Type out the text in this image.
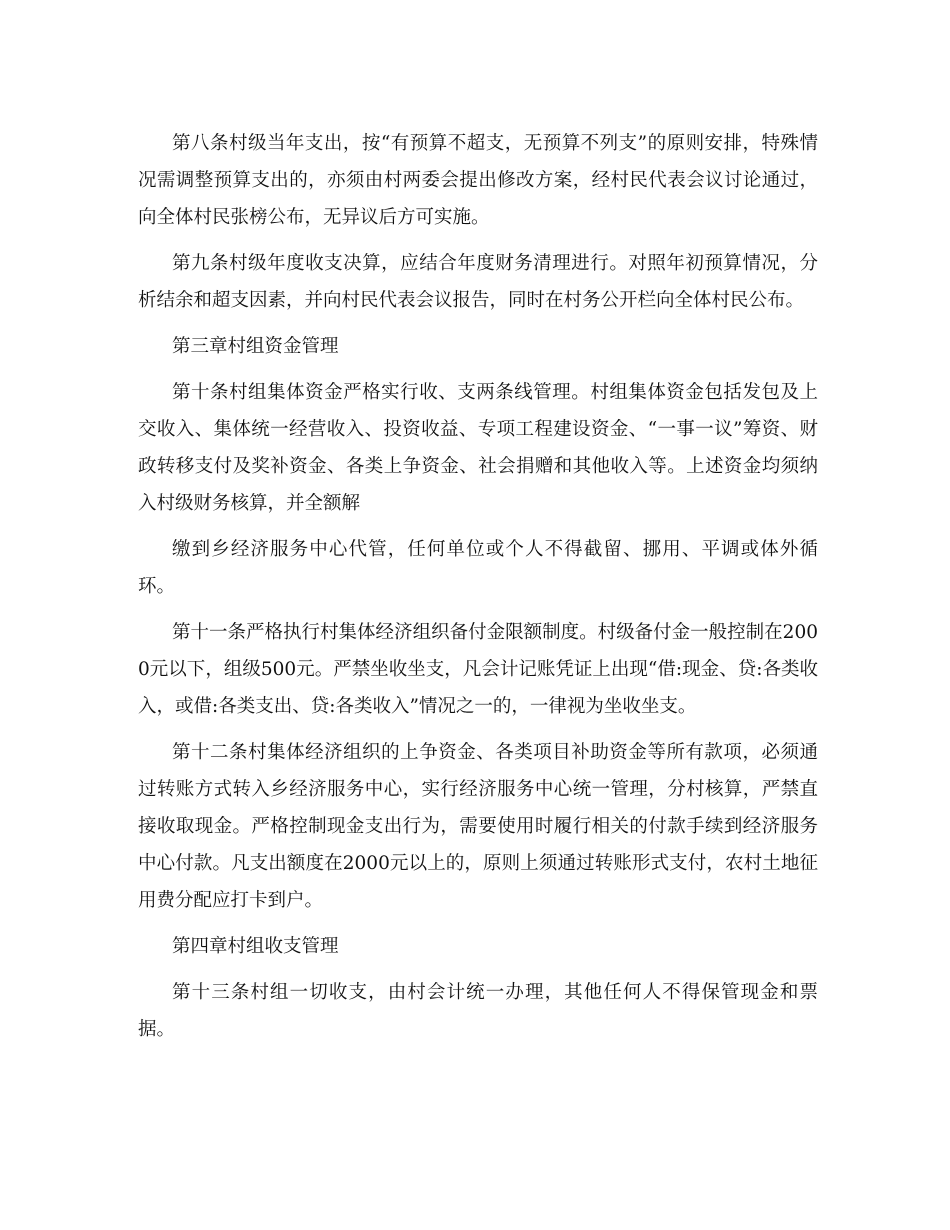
第八条村级当年支出，按“有预算不超支，无预算不列支”的原则安排，特殊情况需调整预算支出的，亦须由村两委会提出修改方案，经村民代表会议讨论通过，向全体村民张榜公布，无异议后方可实施。

第九条村级年度收支决算，应结合年度财务清理进行。对照年初预算情况，分析结余和超支因素，并向村民代表会议报告，同时在村务公开栏向全体村民公布。

第三章村组资金管理

第十条村组集体资金严格实行收、支两条线管理。村组集体资金包括发包及上交收入、集体统一经营收入、投资收益、专项工程建设资金、“一事一议”筹资、财政转移支付及奖补资金、各类上争资金、社会捐赠和其他收入等。上述资金均须纳入村级财务核算，并全额解

缴到乡经济服务中心代管，任何单位或个人不得截留、挪用、平调或体外循环。

第十一条严格执行村集体经济组织备付金限额制度。村级备付金一般控制在2000元以下，组级500元。严禁坐收坐支，凡会计记账凭证上出现“借:现金、贷:各类收入，或借:各类支出、贷:各类收入”情况之一的，一律视为坐收坐支。

第十二条村集体经济组织的上争资金、各类项目补助资金等所有款项，必须通过转账方式转入乡经济服务中心，实行经济服务中心统一管理，分村核算，严禁直接收取现金。严格控制现金支出行为，需要使用时履行相关的付款手续到经济服务中心付款。凡支出额度在2000元以上的，原则上须通过转账形式支付，农村土地征用费分配应打卡到户。

第四章村组收支管理

第十三条村组一切收支，由村会计统一办理，其他任何人不得保管现金和票据。
